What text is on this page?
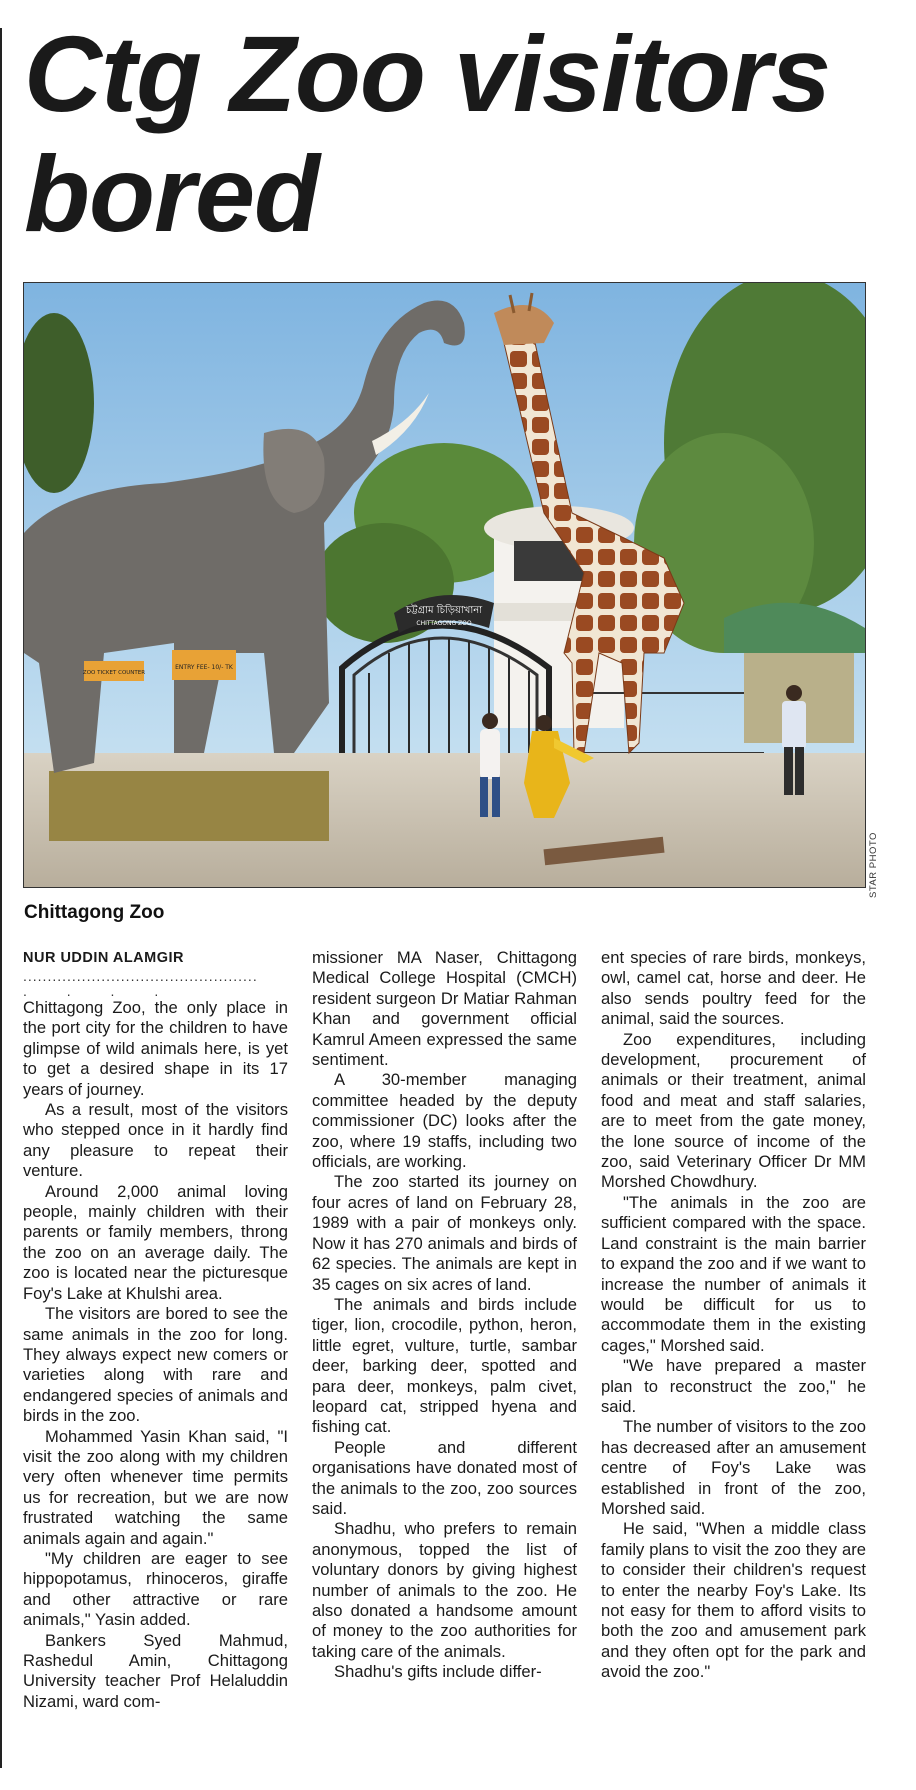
Ctg Zoo visitors bored
চট্টগ্রাম চিড়িয়াখানা
CHITTAGONG ZOO
ZOO TICKET COUNTER
ENTRY FEE- 10/- TK
STAR PHOTO

Chittagong Zoo

NUR UDDIN ALAMGIR

................................................

. . . .

Chittagong Zoo, the only place in the port city for the children to have glimpse of wild animals here, is yet to get a desired shape in its 17 years of journey.

As a result, most of the visitors who stepped once in it hardly find any pleasure to repeat their venture.

Around 2,000 animal loving people, mainly children with their parents or family members, throng the zoo on an average daily. The zoo is located near the picturesque Foy's Lake at Khulshi area.

The visitors are bored to see the same animals in the zoo for long. They always expect new comers or varieties along with rare and endangered species of animals and birds in the zoo.

Mohammed Yasin Khan said, "I visit the zoo along with my children very often whenever time permits us for recreation, but we are now frustrated watching the same animals again and again."

"My children are eager to see hippopotamus, rhinoceros, giraffe and other attractive or rare animals," Yasin added.

Bankers Syed Mahmud, Rashedul Amin, Chittagong University teacher Prof Helaluddin Nizami, ward com-

missioner MA Naser, Chittagong Medical College Hospital (CMCH) resident surgeon Dr Matiar Rahman Khan and government official Kamrul Ameen expressed the same sentiment.

A 30-member managing committee headed by the deputy commissioner (DC) looks after the zoo, where 19 staffs, including two officials, are working.

The zoo started its journey on four acres of land on February 28, 1989 with a pair of monkeys only. Now it has 270 animals and birds of 62 species. The animals are kept in 35 cages on six acres of land.

The animals and birds include tiger, lion, crocodile, python, heron, little egret, vulture, turtle, sambar deer, barking deer, spotted and para deer, monkeys, palm civet, leopard cat, stripped hyena and fishing cat.

People and different organisations have donated most of the animals to the zoo, zoo sources said.

Shadhu, who prefers to remain anonymous, topped the list of voluntary donors by giving highest number of animals to the zoo. He also donated a handsome amount of money to the zoo authorities for taking care of the animals.

Shadhu's gifts include differ-

ent species of rare birds, monkeys, owl, camel cat, horse and deer. He also sends poultry feed for the animal, said the sources.

Zoo expenditures, including development, procurement of animals or their treatment, animal food and meat and staff salaries, are to meet from the gate money, the lone source of income of the zoo, said Veterinary Officer Dr MM Morshed Chowdhury.

"The animals in the zoo are sufficient compared with the space. Land constraint is the main barrier to expand the zoo and if we want to increase the number of animals it would be difficult for us to accommodate them in the existing cages," Morshed said.

"We have prepared a master plan to reconstruct the zoo," he said.

The number of visitors to the zoo has decreased after an amusement centre of Foy's Lake was established in front of the zoo, Morshed said.

He said, "When a middle class family plans to visit the zoo they are to consider their children's request to enter the nearby Foy's Lake. Its not easy for them to afford visits to both the zoo and amusement park and they often opt for the park and avoid the zoo."
